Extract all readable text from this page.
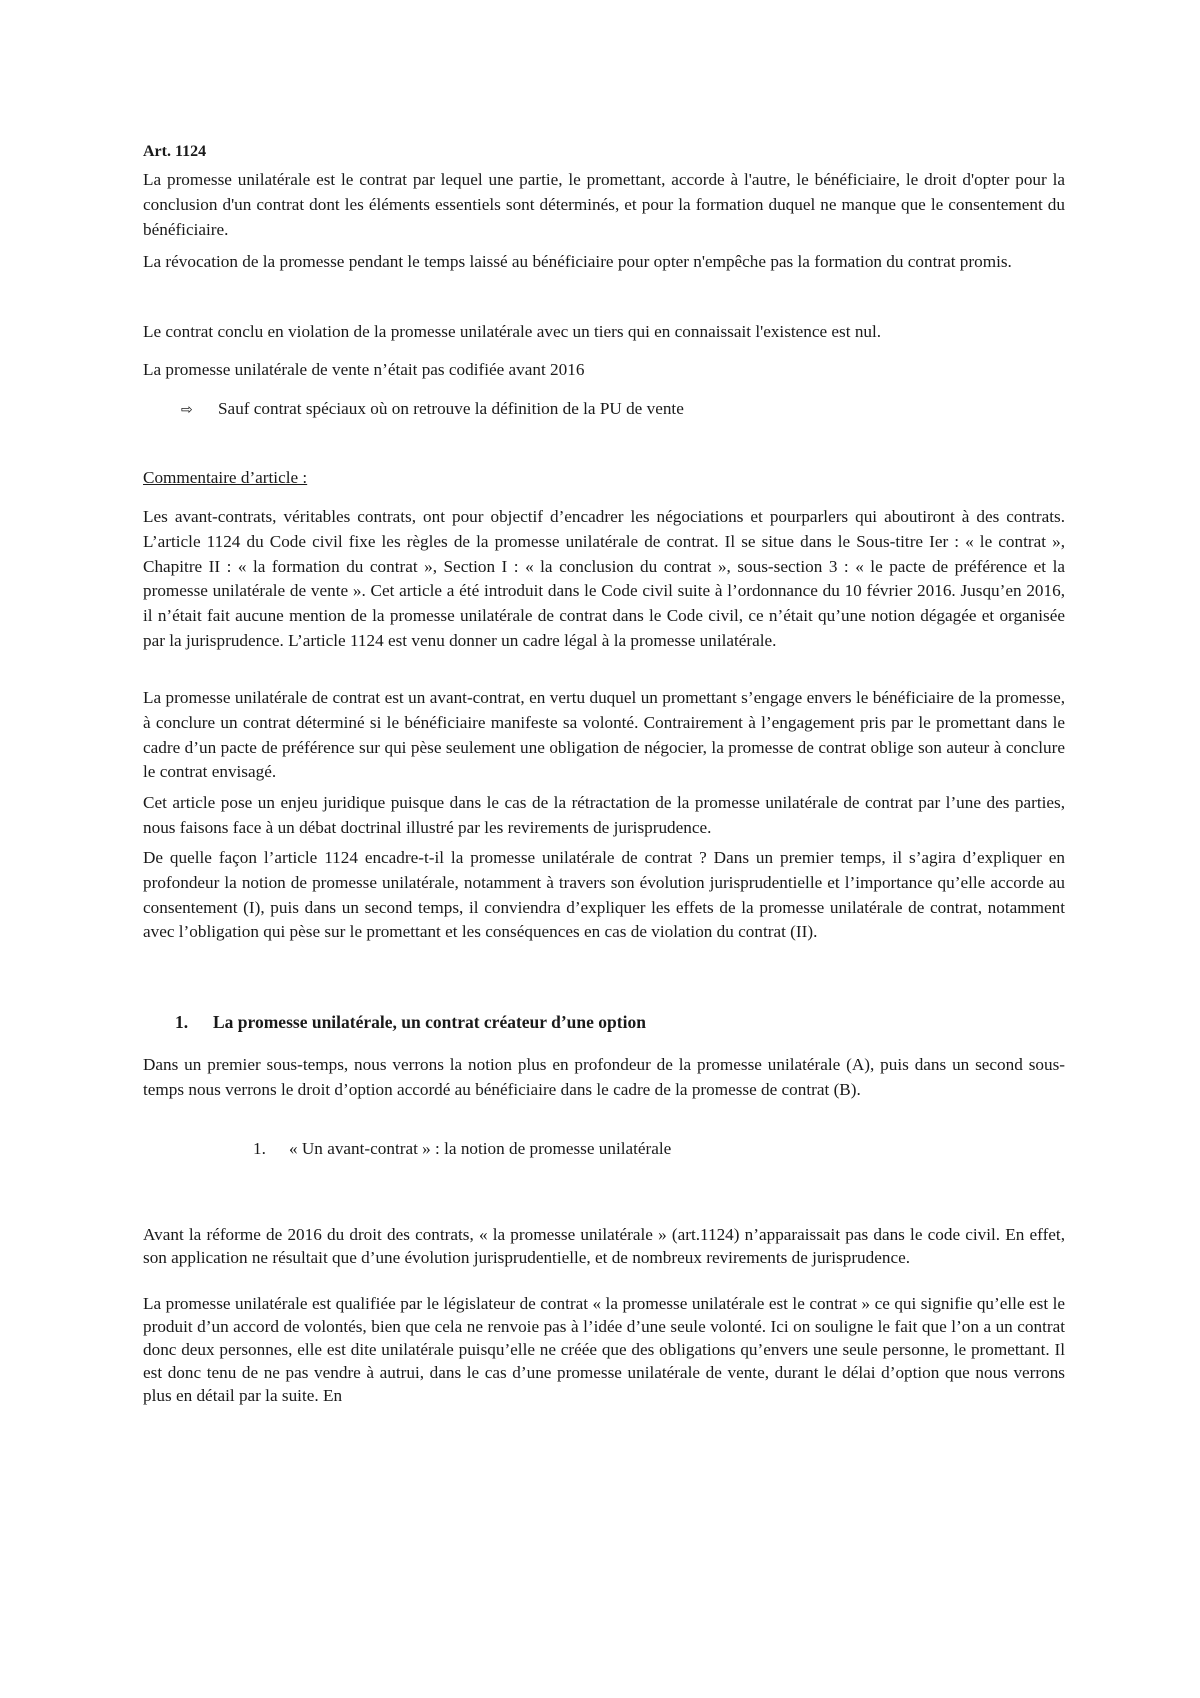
Art. 1124

La promesse unilatérale est le contrat par lequel une partie, le promettant, accorde à l'autre, le bénéficiaire, le droit d'opter pour la conclusion d'un contrat dont les éléments essentiels sont déterminés, et pour la formation duquel ne manque que le consentement du bénéficiaire.

La révocation de la promesse pendant le temps laissé au bénéficiaire pour opter n'empêche pas la formation du contrat promis.

Le contrat conclu en violation de la promesse unilatérale avec un tiers qui en connaissait l'existence est nul.

La promesse unilatérale de vente n’était pas codifiée avant 2016

⇨ Sauf contrat spéciaux où on retrouve la définition de la PU de vente

Commentaire d’article :

Les avant-contrats, véritables contrats, ont pour objectif d’encadrer les négociations et pourparlers qui aboutiront à des contrats. L’article 1124 du Code civil fixe les règles de la promesse unilatérale de contrat. Il se situe dans le Sous-titre Ier : « le contrat », Chapitre II : « la formation du contrat », Section I : « la conclusion du contrat », sous-section 3 : « le pacte de préférence et la promesse unilatérale de vente ». Cet article a été introduit dans le Code civil suite à l’ordonnance du 10 février 2016. Jusqu’en 2016, il n’était fait aucune mention de la promesse unilatérale de contrat dans le Code civil, ce n’était qu’une notion dégagée et organisée par la jurisprudence. L’article 1124 est venu donner un cadre légal à la promesse unilatérale.

La promesse unilatérale de contrat est un avant-contrat, en vertu duquel un promettant s’engage envers le bénéficiaire de la promesse, à conclure un contrat déterminé si le bénéficiaire manifeste sa volonté. Contrairement à l’engagement pris par le promettant dans le cadre d’un pacte de préférence sur qui pèse seulement une obligation de négocier, la promesse de contrat oblige son auteur à conclure le contrat envisagé.

Cet article pose un enjeu juridique puisque dans le cas de la rétractation de la promesse unilatérale de contrat par l’une des parties, nous faisons face à un débat doctrinal illustré par les revirements de jurisprudence.

De quelle façon l’article 1124 encadre-t-il la promesse unilatérale de contrat ? Dans un premier temps, il s’agira d’expliquer en profondeur la notion de promesse unilatérale, notamment à travers son évolution jurisprudentielle et l’importance qu’elle accorde au consentement (I), puis dans un second temps, il conviendra d’expliquer les effets de la promesse unilatérale de contrat, notamment avec l’obligation qui pèse sur le promettant et les conséquences en cas de violation du contrat (II).

1. La promesse unilatérale, un contrat créateur d’une option

Dans un premier sous-temps, nous verrons la notion plus en profondeur de la promesse unilatérale (A), puis dans un second sous-temps nous verrons le droit d’option accordé au bénéficiaire dans le cadre de la promesse de contrat (B).

1. « Un avant-contrat » : la notion de promesse unilatérale

Avant la réforme de 2016 du droit des contrats, « la promesse unilatérale » (art.1124) n’apparaissait pas dans le code civil. En effet, son application ne résultait que d’une évolution jurisprudentielle, et de nombreux revirements de jurisprudence.

La promesse unilatérale est qualifiée par le législateur de contrat « la promesse unilatérale est le contrat » ce qui signifie qu’elle est le produit d’un accord de volontés, bien que cela ne renvoie pas à l’idée d’une seule volonté. Ici on souligne le fait que l’on a un contrat donc deux personnes, elle est dite unilatérale puisqu’elle ne créée que des obligations qu’envers une seule personne, le promettant. Il est donc tenu de ne pas vendre à autrui, dans le cas d’une promesse unilatérale de vente, durant le délai d’option que nous verrons plus en détail par la suite. En
